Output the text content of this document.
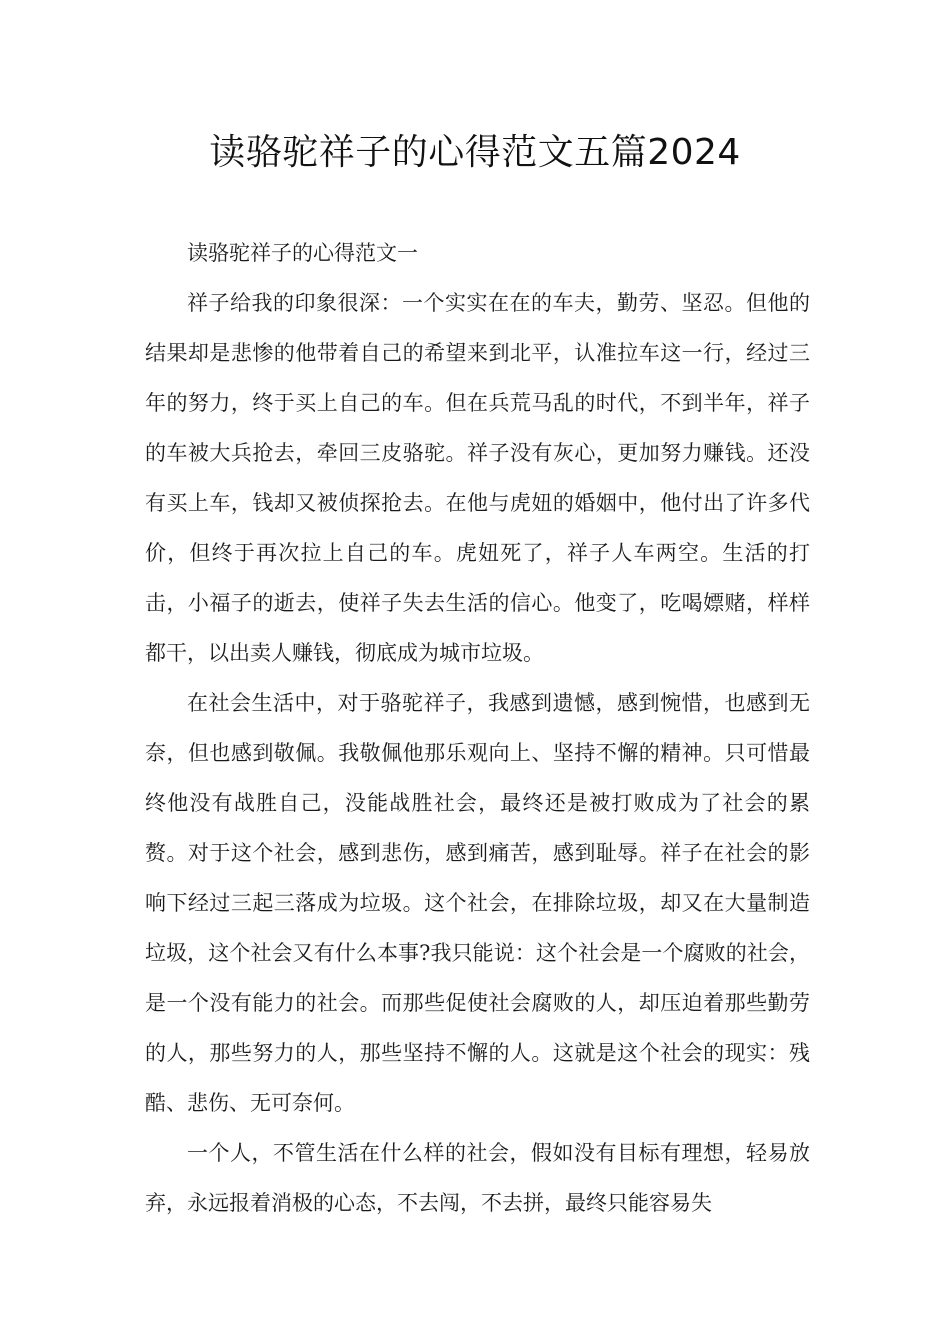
读骆驼祥子的心得范文五篇2024

读骆驼祥子的心得范文一

祥子给我的印象很深：一个实实在在的车夫，勤劳、坚忍。但他的结果却是悲惨的他带着自己的希望来到北平，认准拉车这一行，经过三年的努力，终于买上自己的车。但在兵荒马乱的时代，不到半年，祥子的车被大兵抢去，牵回三皮骆驼。祥子没有灰心，更加努力赚钱。还没有买上车，钱却又被侦探抢去。在他与虎妞的婚姻中，他付出了许多代价，但终于再次拉上自己的车。虎妞死了，祥子人车两空。生活的打击，小福子的逝去，使祥子失去生活的信心。他变了，吃喝嫖赌，样样都干，以出卖人赚钱，彻底成为城市垃圾。

在社会生活中，对于骆驼祥子，我感到遗憾，感到惋惜，也感到无奈，但也感到敬佩。我敬佩他那乐观向上、坚持不懈的精神。只可惜最终他没有战胜自己，没能战胜社会，最终还是被打败成为了社会的累赘。对于这个社会，感到悲伤，感到痛苦，感到耻辱。祥子在社会的影响下经过三起三落成为垃圾。这个社会，在排除垃圾，却又在大量制造垃圾，这个社会又有什么本事?我只能说：这个社会是一个腐败的社会，是一个没有能力的社会。而那些促使社会腐败的人，却压迫着那些勤劳的人，那些努力的人，那些坚持不懈的人。这就是这个社会的现实：残酷、悲伤、无可奈何。

一个人，不管生活在什么样的社会，假如没有目标有理想，轻易放弃，永远报着消极的心态，不去闯，不去拼，最终只能容易失
